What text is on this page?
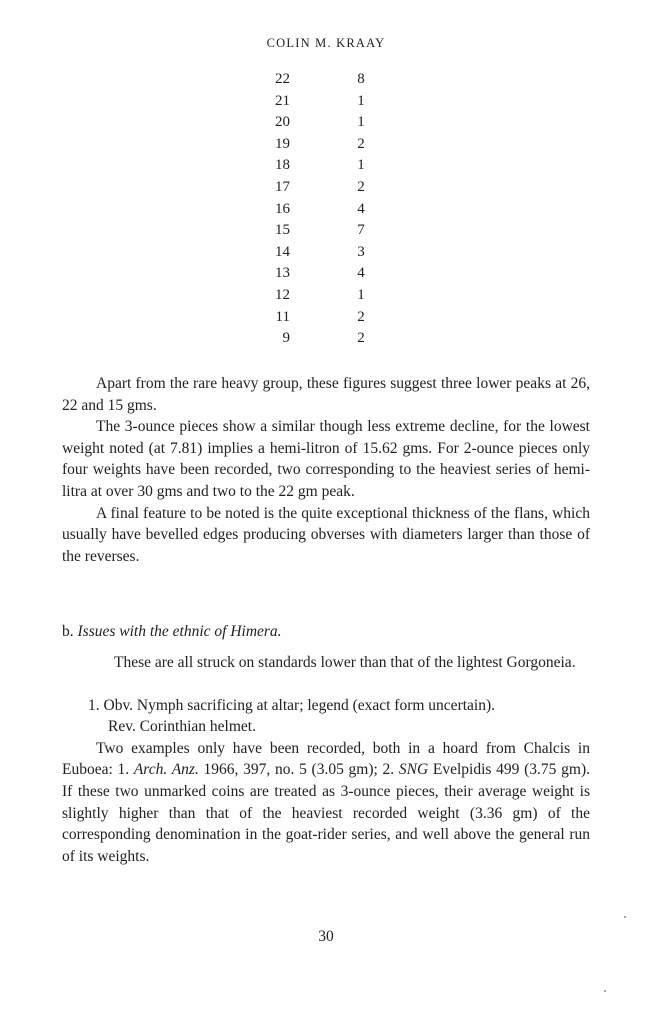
COLIN M. KRAAY
22	8
21	1
20	1
19	2
18	1
17	2
16	4
15	7
14	3
13	4
12	1
11	2
9	2

Apart from the rare heavy group, these figures suggest three lower peaks at 26, 22 and 15 gms.

The 3-ounce pieces show a similar though less extreme decline, for the lowest weight noted (at 7.81) implies a hemi-litron of 15.62 gms. For 2-ounce pieces only four weights have been recorded, two corresponding to the heaviest series of hemi-litra at over 30 gms and two to the 22 gm peak.

A final feature to be noted is the quite exceptional thickness of the flans, which usually have bevelled edges producing obverses with diameters larger than those of the reverses.

b. Issues with the ethnic of Himera.

These are all struck on standards lower than that of the lightest Gorgoneia.

1. Obv. Nymph sacrificing at altar; legend (exact form uncertain).

Rev. Corinthian helmet.

Two examples only have been recorded, both in a hoard from Chalcis in Euboea: 1. Arch. Anz. 1966, 397, no. 5 (3.05 gm); 2. SNG Evelpidis 499 (3.75 gm). If these two unmarked coins are treated as 3-ounce pieces, their average weight is slightly higher than that of the heaviest recorded weight (3.36 gm) of the corresponding denomination in the goat-rider series, and well above the general run of its weights.

30
